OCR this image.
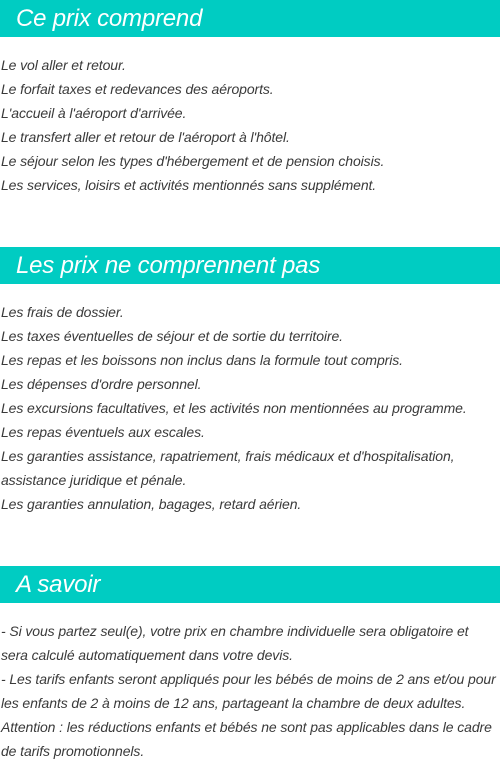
Ce prix comprend

Le vol aller et retour.

Le forfait taxes et redevances des aéroports.

L'accueil à l'aéroport d'arrivée.

Le transfert aller et retour de l'aéroport à l'hôtel.

Le séjour selon les types d'hébergement et de pension choisis.

Les services, loisirs et activités mentionnés sans supplément.

Les prix ne comprennent pas

Les frais de dossier.

Les taxes éventuelles de séjour et de sortie du territoire.

Les repas et les boissons non inclus dans la formule tout compris.

Les dépenses d'ordre personnel.

Les excursions facultatives, et les activités non mentionnées au programme.

Les repas éventuels aux escales.

Les garanties assistance, rapatriement, frais médicaux et d'hospitalisation,

assistance juridique et pénale.

Les garanties annulation, bagages, retard aérien.

A savoir

- Si vous partez seul(e), votre prix en chambre individuelle sera obligatoire et

sera calculé automatiquement dans votre devis.

- Les tarifs enfants seront appliqués pour les bébés de moins de 2 ans et/ou pour

les enfants de 2 à moins de 12 ans, partageant la chambre de deux adultes.

Attention : les réductions enfants et bébés ne sont pas applicables dans le cadre

de tarifs promotionnels.
